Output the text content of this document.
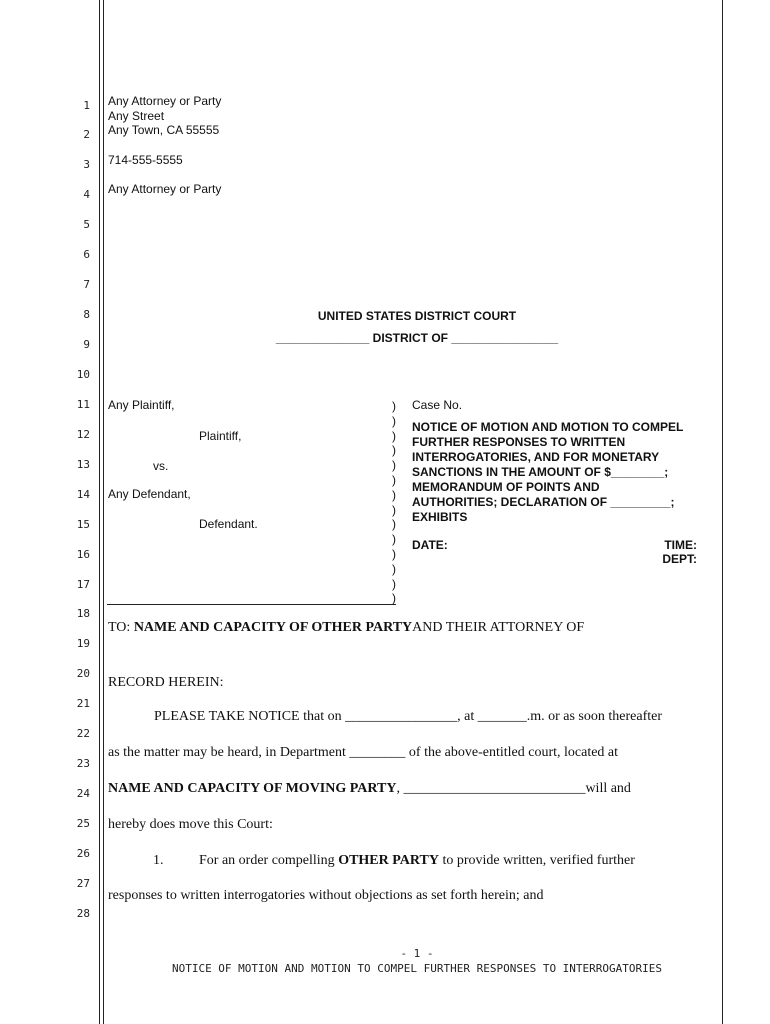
1
2
3
4
5
6
7
8
9
10
11
12
13
14
15
16
17
18
19
20
21
22
23
24
25
26
27
28
Any Attorney or Party
Any Street
Any Town, CA 55555
714-555-5555
Any Attorney or Party
UNITED STATES DISTRICT COURT
______________ DISTRICT OF ________________
Any Plaintiff,
Plaintiff,
vs.
Any Defendant,
Defendant.
)
)
)
)
)
)
)
)
)
)
)
)
)
)
Case No.
NOTICE OF MOTION AND MOTION TO COMPEL
FURTHER RESPONSES TO WRITTEN
INTERROGATORIES, AND FOR MONETARY
SANCTIONS IN THE AMOUNT OF $________;
MEMORANDUM OF POINTS AND
AUTHORITIES; DECLARATION OF _________;
EXHIBITS
DATE:	TIME:
DEPT:
TO: NAME AND CAPACITY OF OTHER PARTYAND THEIR ATTORNEY OF
RECORD HEREIN:
PLEASE TAKE NOTICE that on ________________, at _______.m. or as soon thereafter
as the matter may be heard, in Department ________ of the above-entitled court, located at
NAME AND CAPACITY OF MOVING PARTY, __________________________will and
hereby does move this Court:
1.	For an order compelling OTHER PARTY to provide written, verified further
responses to written interrogatories without objections as set forth herein; and
- 1 -
NOTICE OF MOTION AND MOTION TO COMPEL FURTHER RESPONSES TO INTERROGATORIES
